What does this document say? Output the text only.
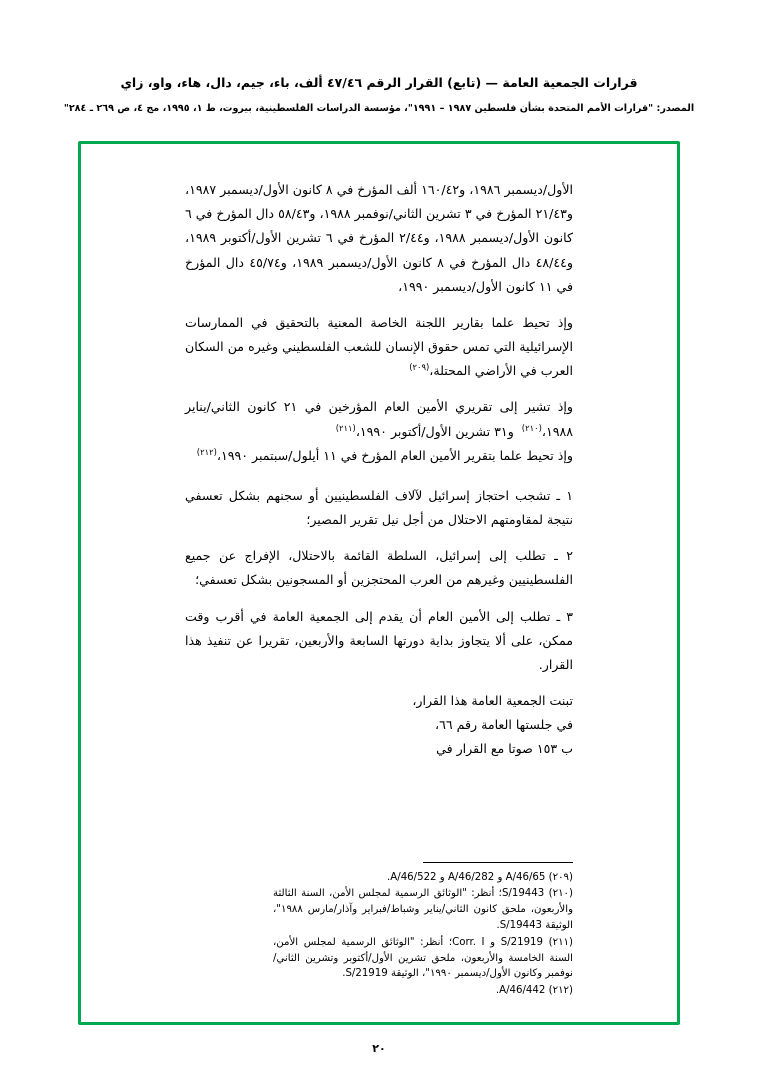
قرارات الجمعية العامة — (تابع) القرار الرقم ٤٧/٤٦ ألف، باء، جيم، دال، هاء، واو، زاي
المصدر: "قرارات الأمم المتحدة بشأن فلسطين ١٩٨٧ – ١٩٩١"، مؤسسة الدراسات الفلسطينية، بيروت، ط ١، ١٩٩٥، مج ٤، ص ٢٦٩ ـ ٢٨٤"

الأول/ديسمبر ١٩٨٦، و١٦٠/٤٢ ألف المؤرخ في ٨ كانون الأول/ديسمبر ١٩٨٧، و٢١/٤٣ المؤرخ في ٣ تشرين الثاني/نوفمبر ١٩٨٨، و٥٨/٤٣ دال المؤرخ في ٦ كانون الأول/ديسمبر ١٩٨٨، و٢/٤٤ المؤرخ في ٦ تشرين الأول/أكتوبر ١٩٨٩، و٤٨/٤٤ دال المؤرخ في ٨ كانون الأول/ديسمبر ١٩٨٩، و٤٥/٧٤ دال المؤرخ في ١١ كانون الأول/ديسمبر ١٩٩٠،

وإذ تحيط علما بقارير اللجنة الخاصة المعنية بالتحقيق في الممارسات الإسرائيلية التي تمس حقوق الإنسان للشعب الفلسطيني وغيره من السكان العرب في الأراضي المحتلة،$^{(٢٠٩)}$

وإذ تشير إلى تقريري الأمين العام المؤرخين في ٢١ كانون الثاني/يناير ١٩٨٨،$^{(٢١٠)}$  و٣١ تشرين الأول/أكتوبر ١٩٩٠،$^{(٢١١)}$

وإذ تحيط علما بتقرير الأمين العام المؤرخ في ١١ أيلول/سبتمبر ١٩٩٠،$^{(٢١٢)}$

١ ـ تشجب احتجاز إسرائيل لآلاف الفلسطينيين أو سجنهم بشكل تعسفي نتيجة لمقاومتهم الاحتلال من أجل نيل تقرير المصير؛

٢ ـ تطلب إلى إسرائيل، السلطة القائمة بالاحتلال، الإفراج عن جميع الفلسطينيين وغيرهم من العرب المحتجزين أو المسجونين بشكل تعسفي؛

٣ ـ تطلب إلى الأمين العام أن يقدم إلى الجمعية العامة في أقرب وقت ممكن، على ألا يتجاوز بداية دورتها السابعة والأربعين، تقريرا عن تنفيذ هذا القرار.

تبنت الجمعية العامة هذا القرار،

في جلستها العامة رقم ٦٦،

ب ١٥٣ صوتا مع القرار في

(٢٠٩) A/46/65 و A/46/282 و A/46/522.

(٢١٠) S/19443؛ أنظر: "الوثائق الرسمية لمجلس الأمن، السنة الثالثة والأربعون، ملحق كانون الثاني/يناير وشباط/فبراير وآذار/مارس ١٩٨٨"، الوثيقة S/19443.

(٢١١) S/21919 و Corr. I؛ أنظر: "الوثائق الرسمية لمجلس الأمن، السنة الخامسة والأربعون، ملحق تشرين الأول/أكتوبر وتشرين الثاني/نوفمبر وكانون الأول/ديسمبر ١٩٩٠"، الوثيقة S/21919.

(٢١٢) A/46/442.

٢٠
